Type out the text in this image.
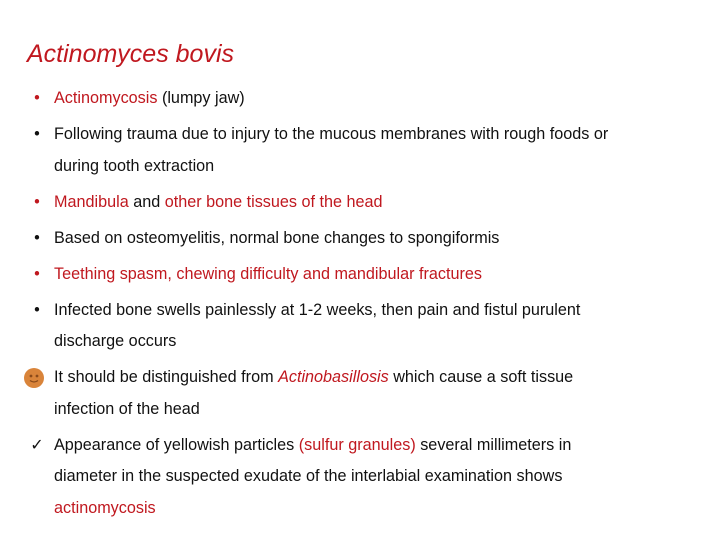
Actinomyces bovis
• Actinomycosis (lumpy jaw)
• Following trauma due to injury to the mucous membranes with rough foods or
during tooth extraction
• Mandibula and other bone tissues of the head
• Based on osteomyelitis, normal bone changes to spongiformis
• Teething spasm, chewing difficulty and mandibular fractures
• Infected bone swells painlessly at 1-2 weeks, then pain and fistul purulent
discharge occurs
It should be distinguished from Actinobasillosis which cause a soft tissue
infection of the head
✓ Appearance of yellowish particles (sulfur granules) several millimeters in
diameter in the suspected exudate of the interlabial examination shows
actinomycosis
